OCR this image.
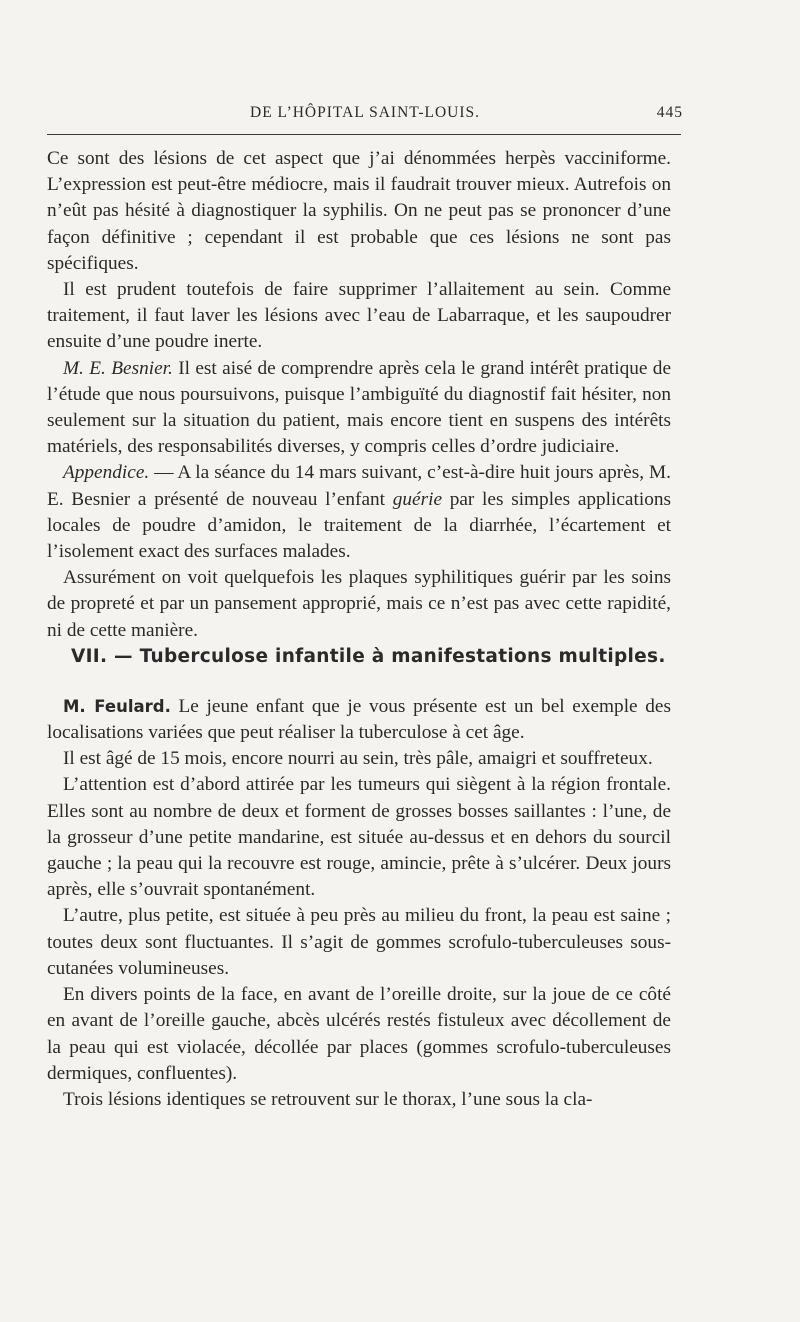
DE L’HÔPITAL SAINT-LOUIS.	445

Ce sont des lésions de cet aspect que j’ai dénommées herpès vacciniforme. L’expression est peut-être médiocre, mais il faudrait trouver mieux. Autrefois on n’eût pas hésité à diagnostiquer la syphilis. On ne peut pas se prononcer d’une façon définitive ; cependant il est probable que ces lésions ne sont pas spécifiques.

Il est prudent toutefois de faire supprimer l’allaitement au sein. Comme traitement, il faut laver les lésions avec l’eau de Labarraque, et les saupoudrer ensuite d’une poudre inerte.

M. E. Besnier. Il est aisé de comprendre après cela le grand intérêt pratique de l’étude que nous poursuivons, puisque l’ambiguïté du diagnostif fait hésiter, non seulement sur la situation du patient, mais encore tient en suspens des intérêts matériels, des responsabilités diverses, y compris celles d’ordre judiciaire.

Appendice. — A la séance du 14 mars suivant, c’est-à-dire huit jours après, M. E. Besnier a présenté de nouveau l’enfant guérie par les simples applications locales de poudre d’amidon, le traitement de la diarrhée, l’écartement et l’isolement exact des surfaces malades.

Assurément on voit quelquefois les plaques syphilitiques guérir par les soins de propreté et par un pansement approprié, mais ce n’est pas avec cette rapidité, ni de cette manière.

VII. — Tuberculose infantile à manifestations multiples.

M. Feulard. Le jeune enfant que je vous présente est un bel exemple des localisations variées que peut réaliser la tuberculose à cet âge.

Il est âgé de 15 mois, encore nourri au sein, très pâle, amaigri et souffreteux.

L’attention est d’abord attirée par les tumeurs qui siègent à la région frontale. Elles sont au nombre de deux et forment de grosses bosses saillantes : l’une, de la grosseur d’une petite mandarine, est située au-dessus et en dehors du sourcil gauche ; la peau qui la recouvre est rouge, amincie, prête à s’ulcérer. Deux jours après, elle s’ouvrait spontanément.

L’autre, plus petite, est située à peu près au milieu du front, la peau est saine ; toutes deux sont fluctuantes. Il s’agit de gommes scrofulo-tuberculeuses sous-cutanées volumineuses.

En divers points de la face, en avant de l’oreille droite, sur la joue de ce côté en avant de l’oreille gauche, abcès ulcérés restés fistuleux avec décollement de la peau qui est violacée, décollée par places (gommes scrofulo-tuberculeuses dermiques, confluentes).

Trois lésions identiques se retrouvent sur le thorax, l’une sous la cla-
